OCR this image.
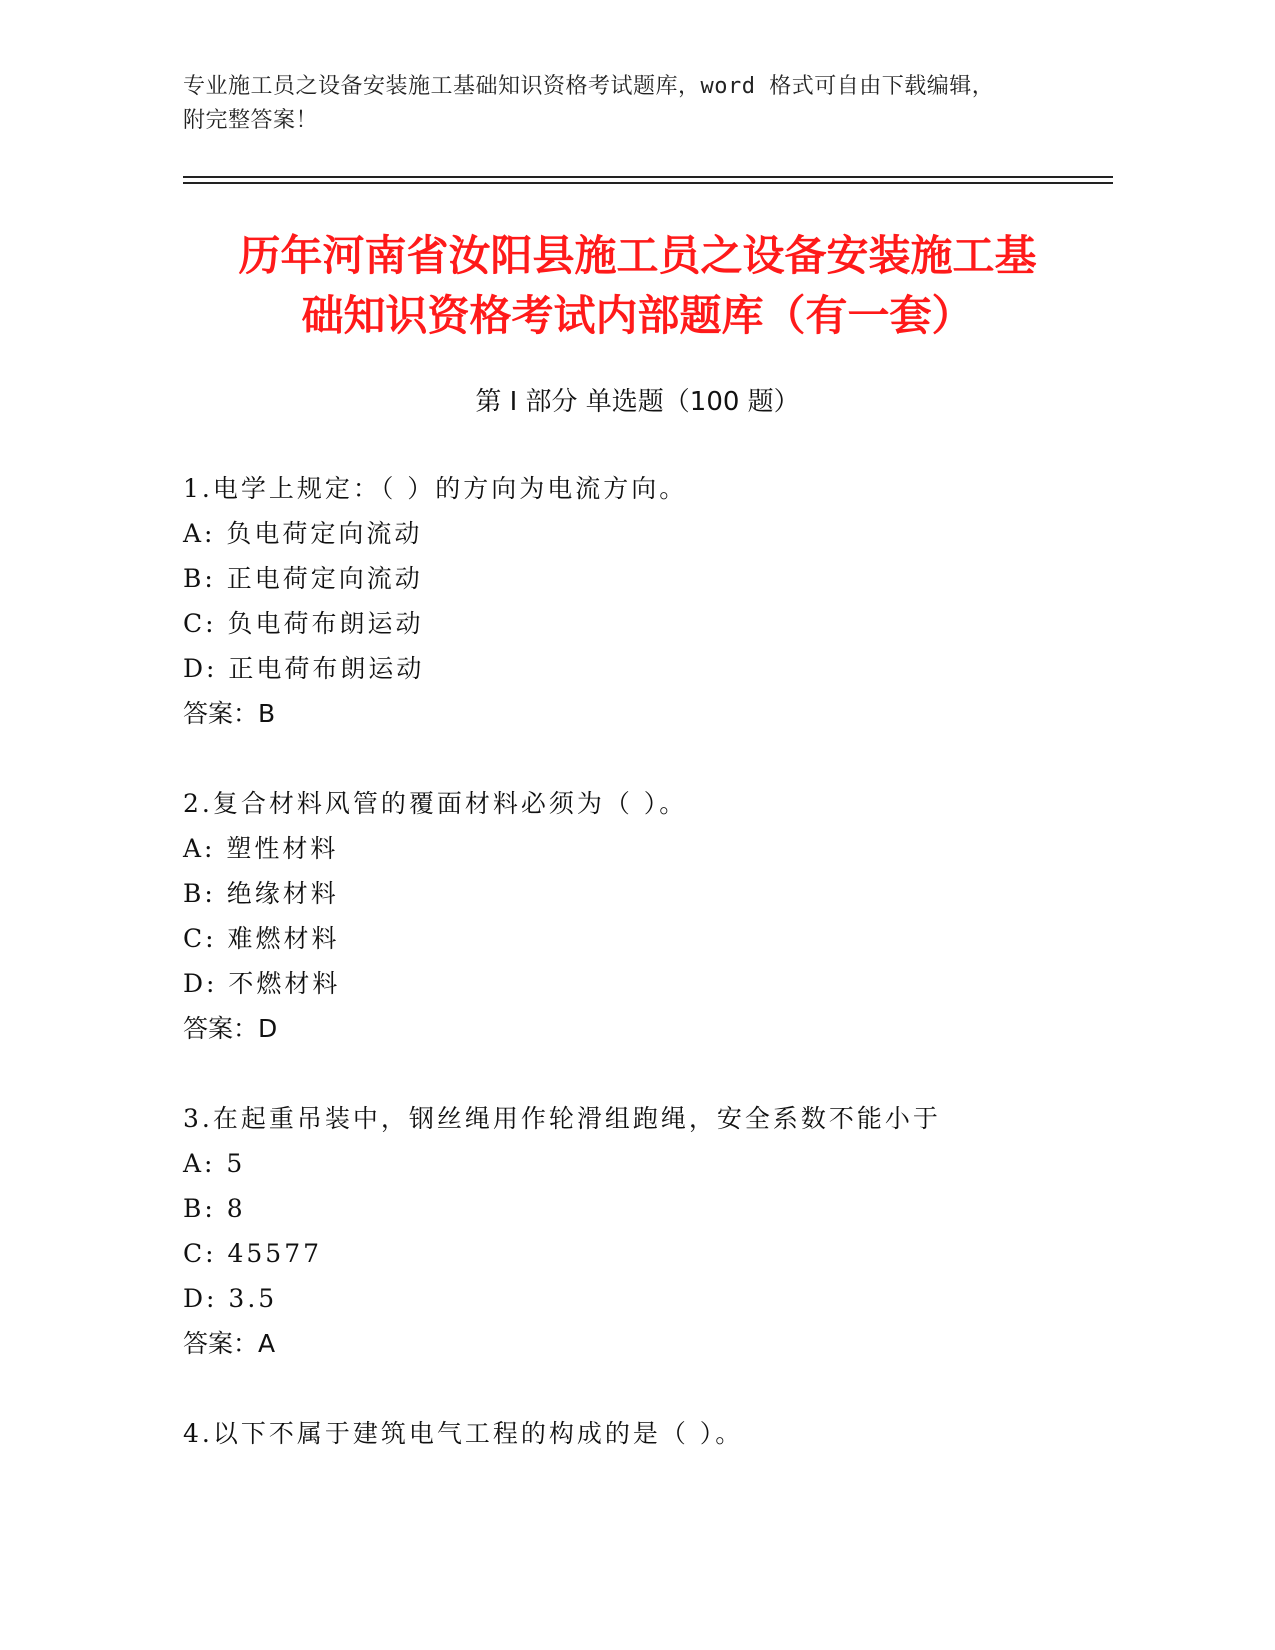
专业施工员之设备安装施工基础知识资格考试题库，word 格式可自由下载编辑，
附完整答案！
历年河南省汝阳县施工员之设备安装施工基
础知识资格考试内部题库（有一套）
第 I 部分 单选题（100 题）
1.电学上规定：（ ）的方向为电流方向。
A: 负电荷定向流动
B: 正电荷定向流动
C: 负电荷布朗运动
D: 正电荷布朗运动
答案：B
2.复合材料风管的覆面材料必须为（ ）。
A: 塑性材料
B: 绝缘材料
C: 难燃材料
D: 不燃材料
答案：D
3.在起重吊装中，钢丝绳用作轮滑组跑绳，安全系数不能小于
A: 5
B: 8
C: 45577
D: 3.5
答案：A
4.以下不属于建筑电气工程的构成的是（ ）。
